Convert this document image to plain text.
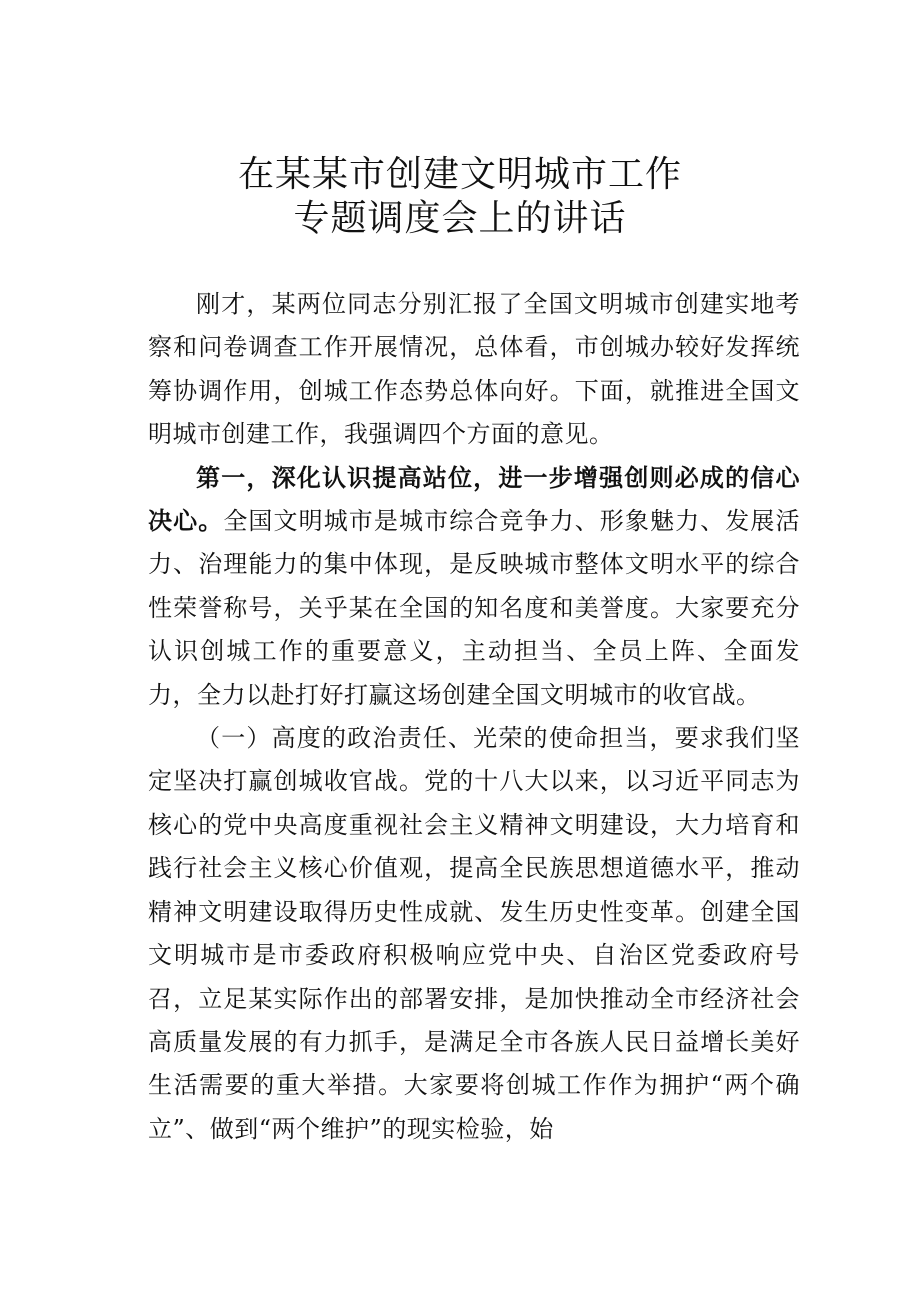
在某某市创建文明城市工作
专题调度会上的讲话

刚才，某两位同志分别汇报了全国文明城市创建实地考察和问卷调查工作开展情况，总体看，市创城办较好发挥统筹协调作用，创城工作态势总体向好。下面，就推进全国文明城市创建工作，我强调四个方面的意见。

第一，深化认识提高站位，进一步增强创则必成的信心决心。全国文明城市是城市综合竞争力、形象魅力、发展活力、治理能力的集中体现，是反映城市整体文明水平的综合性荣誉称号，关乎某在全国的知名度和美誉度。大家要充分认识创城工作的重要意义，主动担当、全员上阵、全面发力，全力以赴打好打赢这场创建全国文明城市的收官战。

（一）高度的政治责任、光荣的使命担当，要求我们坚定坚决打赢创城收官战。党的十八大以来，以习近平同志为核心的党中央高度重视社会主义精神文明建设，大力培育和践行社会主义核心价值观，提高全民族思想道德水平，推动精神文明建设取得历史性成就、发生历史性变革。创建全国文明城市是市委政府积极响应党中央、自治区党委政府号召，立足某实际作出的部署安排，是加快推动全市经济社会高质量发展的有力抓手，是满足全市各族人民日益增长美好生活需要的重大举措。大家要将创城工作作为拥护“两个确立”、做到“两个维护”的现实检验，始
